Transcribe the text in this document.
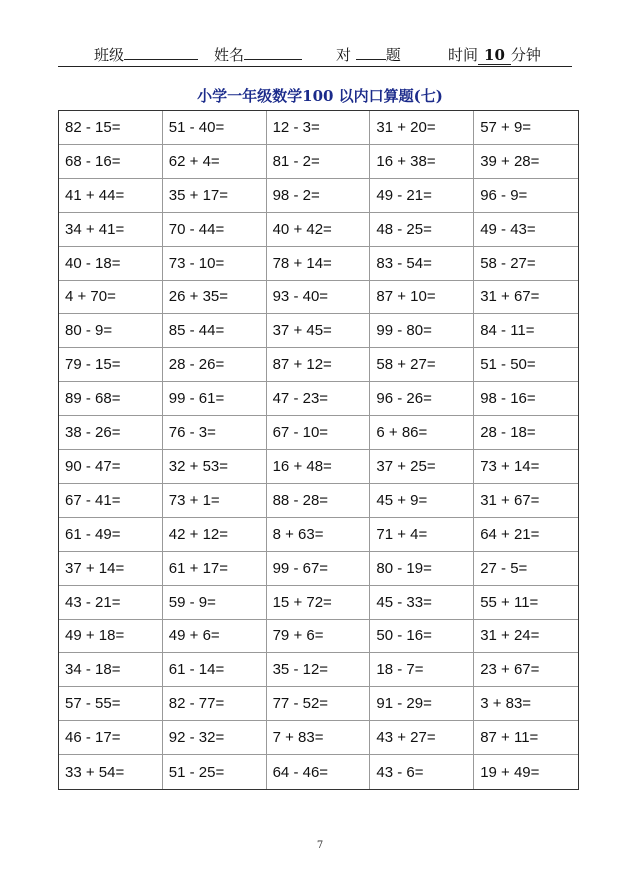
班级	姓名	对 题	时间 10 分钟
小学一年级数学100 以内口算题(七)
82 - 15=	51 - 40=	12 - 3=	31 + 20=	57 + 9=
68 - 16=	62 + 4=	81 - 2=	16 + 38=	39 + 28=
41 + 44=	35 + 17=	98 - 2=	49 - 21=	96 - 9=
34 + 41=	70 - 44=	40 + 42=	48 - 25=	49 - 43=
40 - 18=	73 - 10=	78 + 14=	83 - 54=	58 - 27=
4 + 70=	26 + 35=	93 - 40=	87 + 10=	31 + 67=
80 - 9=	85 - 44=	37 + 45=	99 - 80=	84 - 11=
79 - 15=	28 - 26=	87 + 12=	58 + 27=	51 - 50=
89 - 68=	99 - 61=	47 - 23=	96 - 26=	98 - 16=
38 - 26=	76 - 3=	67 - 10=	6 + 86=	28 - 18=
90 - 47=	32 + 53=	16 + 48=	37 + 25=	73 + 14=
67 - 41=	73 + 1=	88 - 28=	45 + 9=	31 + 67=
61 - 49=	42 + 12=	8 + 63=	71 + 4=	64 + 21=
37 + 14=	61 + 17=	99 - 67=	80 - 19=	27 - 5=
43 - 21=	59 - 9=	15 + 72=	45 - 33=	55 + 11=
49 + 18=	49 + 6=	79 + 6=	50 - 16=	31 + 24=
34 - 18=	61 - 14=	35 - 12=	18 - 7=	23 + 67=
57 - 55=	82 - 77=	77 - 52=	91 - 29=	3 + 83=
46 - 17=	92 - 32=	7 + 83=	43 + 27=	87 + 11=
33 + 54=	51 - 25=	64 - 46=	43 - 6=	19 + 49=
7
